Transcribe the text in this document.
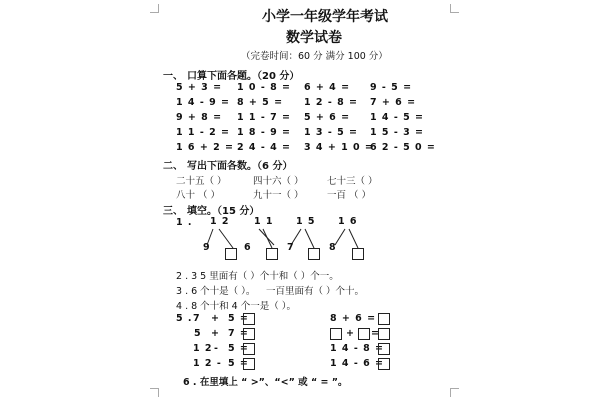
小学一年级学年考试
数学试卷
（完卷时间：60 分 满分 100 分）
一、 口算下面各题。（20 分）
5 + 3 = 1 0 - 8 = 6 + 4 = 9 - 5 =
1 4 - 9 = 8 + 5 = 1 2 - 8 = 7 + 6 =
9 + 8 = 1 1 - 7 = 5 + 6 = 1 4 - 5 =
1 1 - 2 = 1 8 - 9 = 1 3 - 5 = 1 5 - 3 =
1 6 + 2 = 2 4 - 4 = 3 4 + 1 0 =
6 2 - 5 0 =
二、 写出下面各数。（6 分）
二十五（ ）	四十六（ ） 七十三（ ）
八十 （ ）	九十一（ ） 一百 （ ）
三、 填空。（15 分）
1 . 1 2
9
1 1
6
1 5
7
1 6
8
2 . 3 5 里面有（ ）个十和（ ）个一。
3 . 6 个十是（ ）。 一百里面有（ ）个十。
4 . 8 个十和 4 个一是（ ）。
5 . 7 + 5 =
5 + 7 =
1 2 - 5 =
1 2 - 5 =
8 + 6 =
+ =
1 4 - 8 =
1 4 - 6 =
6 . 在里填上 “ >”、“<” 或 “ = ”。
